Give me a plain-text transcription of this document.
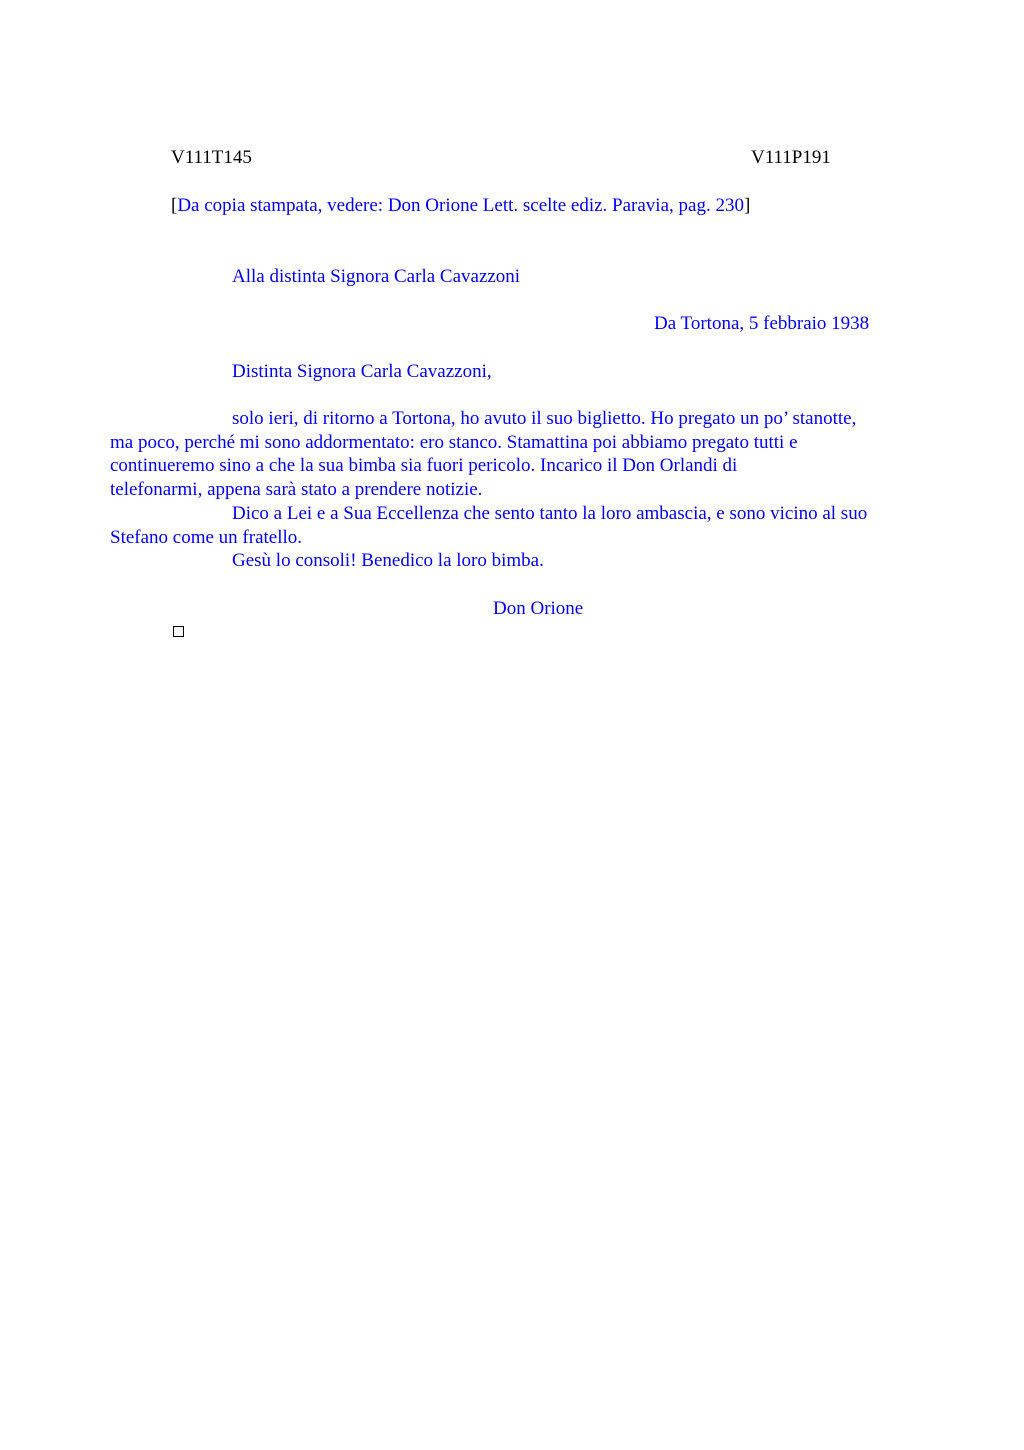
V111T145	V111P191
[Da copia stampata, vedere: Don Orione Lett. scelte ediz. Paravia, pag. 230]
Alla distinta Signora Carla Cavazzoni
Da Tortona, 5 febbraio 1938
Distinta Signora Carla Cavazzoni,

solo ieri, di ritorno a Tortona, ho avuto il suo biglietto. Ho pregato un po’ stanotte,
ma poco, perché mi sono addormentato: ero stanco. Stamattina poi abbiamo pregato tutti e
continueremo sino a che la sua bimba sia fuori pericolo. Incarico il Don Orlandi di
telefonarmi, appena sarà stato a prendere notizie.

Dico a Lei e a Sua Eccellenza che sento tanto la loro ambascia, e sono vicino al suo
Stefano come un fratello.

Gesù lo consoli! Benedico la loro bimba.

Don Orione
